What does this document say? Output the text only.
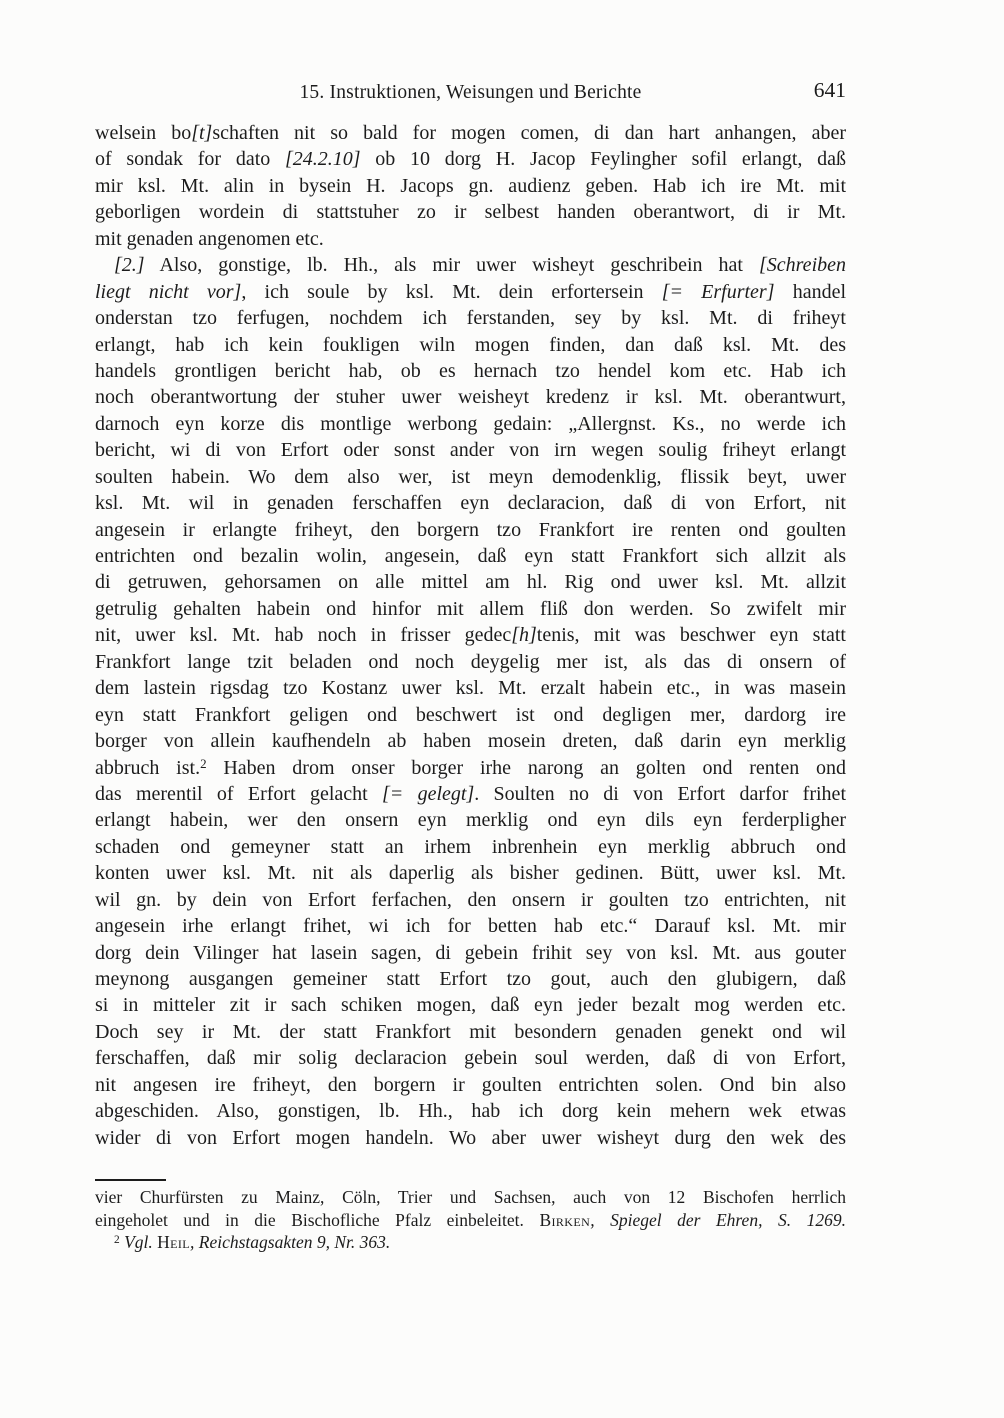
15. Instruktionen, Weisungen und Berichte	641
welsein bo[t]schaften nit so bald for mogen comen, di dan hart anhangen, aber
of sondak for dato [24.2.10] ob 10 dorg H. Jacop Feylingher sofil erlangt, daß
mir ksl. Mt. alin in bysein H. Jacops gn. audienz geben. Hab ich ire Mt. mit
geborligen wordein di stattstuher zo ir selbest handen oberantwort, di ir Mt.
mit genaden angenomen etc.
[2.] Also, gonstige, lb. Hh., als mir uwer wisheyt geschribein hat [Schreiben
liegt nicht vor], ich soule by ksl. Mt. dein erfortersein [= Erfurter] handel
onderstan tzo ferfugen, nochdem ich ferstanden, sey by ksl. Mt. di friheyt
erlangt, hab ich kein foukligen wiln mogen finden, dan daß ksl. Mt. des
handels grontligen bericht hab, ob es hernach tzo hendel kom etc. Hab ich
noch oberantwortung der stuher uwer weisheyt kredenz ir ksl. Mt. oberantwurt,
darnoch eyn korze dis montlige werbong gedain: „Allergnst. Ks., no werde ich
bericht, wi di von Erfort oder sonst ander von irn wegen soulig friheyt erlangt
soulten habein. Wo dem also wer, ist meyn demodenklig, flissik beyt, uwer
ksl. Mt. wil in genaden ferschaffen eyn declaracion, daß di von Erfort, nit
angesein ir erlangte friheyt, den borgern tzo Frankfort ire renten ond goulten
entrichten ond bezalin wolin, angesein, daß eyn statt Frankfort sich allzit als
di getruwen, gehorsamen on alle mittel am hl. Rig ond uwer ksl. Mt. allzit
getrulig gehalten habein ond hinfor mit allem fliß don werden. So zwifelt mir
nit, uwer ksl. Mt. hab noch in frisser gedec[h]tenis, mit was beschwer eyn statt
Frankfort lange tzit beladen ond noch deygelig mer ist, als das di onsern of
dem lastein rigsdag tzo Kostanz uwer ksl. Mt. erzalt habein etc., in was masein
eyn statt Frankfort geligen ond beschwert ist ond degligen mer, dardorg ire
borger von allein kaufhendeln ab haben mosein dreten, daß darin eyn merklig
abbruch ist.$^2$ Haben drom onser borger irhe narong an golten ond renten ond
das merentil of Erfort gelacht [= gelegt]. Soulten no di von Erfort darfor frihet
erlangt habein, wer den onsern eyn merklig ond eyn dils eyn ferderpligher
schaden ond gemeyner statt an irhem inbrenhein eyn merklig abbruch ond
konten uwer ksl. Mt. nit als daperlig als bisher gedinen. Bütt, uwer ksl. Mt.
wil gn. by dein von Erfort ferfachen, den onsern ir goulten tzo entrichten, nit
angesein irhe erlangt frihet, wi ich for betten hab etc.“ Darauf ksl. Mt. mir
dorg dein Vilinger hat lasein sagen, di gebein frihit sey von ksl. Mt. aus gouter
meynong ausgangen gemeiner statt Erfort tzo gout, auch den glubigern, daß
si in mitteler zit ir sach schiken mogen, daß eyn jeder bezalt mog werden etc.
Doch sey ir Mt. der statt Frankfort mit besondern genaden genekt ond wil
ferschaffen, daß mir solig declaracion gebein soul werden, daß di von Erfort,
nit angesen ire friheyt, den borgern ir goulten entrichten solen. Ond bin also
abgeschiden. Also, gonstigen, lb. Hh., hab ich dorg kein mehern wek etwas
wider di von Erfort mogen handeln. Wo aber uwer wisheyt durg den wek des
vier Churfürsten zu Mainz, Cöln, Trier und Sachsen, auch von 12 Bischofen herrlich
eingeholet und in die Bischofliche Pfalz einbeleitet. Birken, Spiegel der Ehren, S. 1269.
$^2$ Vgl. Heil, Reichstagsakten 9, Nr. 363.
